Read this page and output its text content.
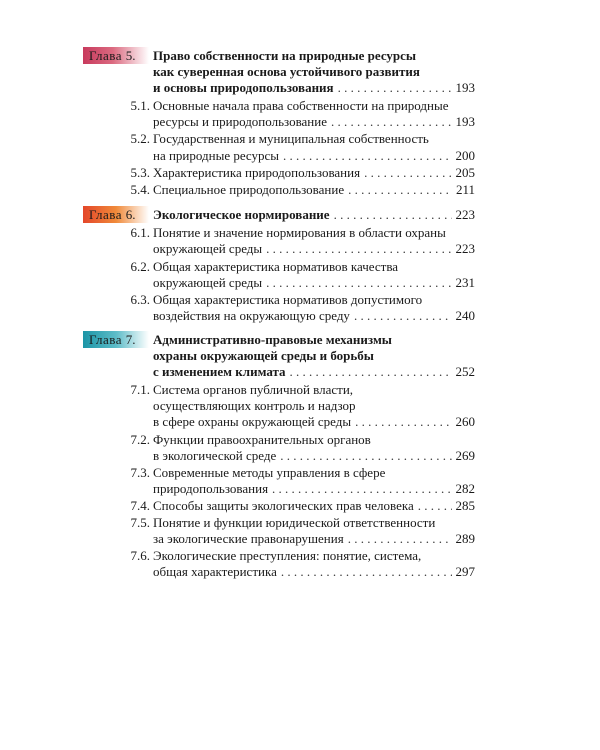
Глава 5.	Право собственности на природные ресурсы
как суверенная основа устойчивого развития
и основы природопользования . . .	193
5.1. Основные начала права собственности на природные
ресурсы и природопользование . . .	193
5.2. Государственная и муниципальная собственность
на природные ресурсы . . .	200
5.3. Характеристика природопользования . . .	205
5.4. Специальное природопользование . . .	211
Глава 6.	Экологическое нормирование . . .	223
6.1. Понятие и значение нормирования в области охраны
окружающей среды . . .	223
6.2. Общая характеристика нормативов качества
окружающей среды . . .	231
6.3. Общая характеристика нормативов допустимого
воздействия на окружающую среду . . .	240
Глава 7.	Административно-правовые механизмы
охраны окружающей среды и борьбы
с изменением климата . . .	252
7.1. Система органов публичной власти,
осуществляющих контроль и надзор
в сфере охраны окружающей среды . . .	260
7.2. Функции правоохранительных органов
в экологической среде . . .	269
7.3. Современные методы управления в сфере
природопользования . . .	282
7.4. Способы защиты экологических прав человека . . .	285
7.5. Понятие и функции юридической ответственности
за экологические правонарушения . . .	289
7.6. Экологические преступления: понятие, система,
общая характеристика . . .	297
